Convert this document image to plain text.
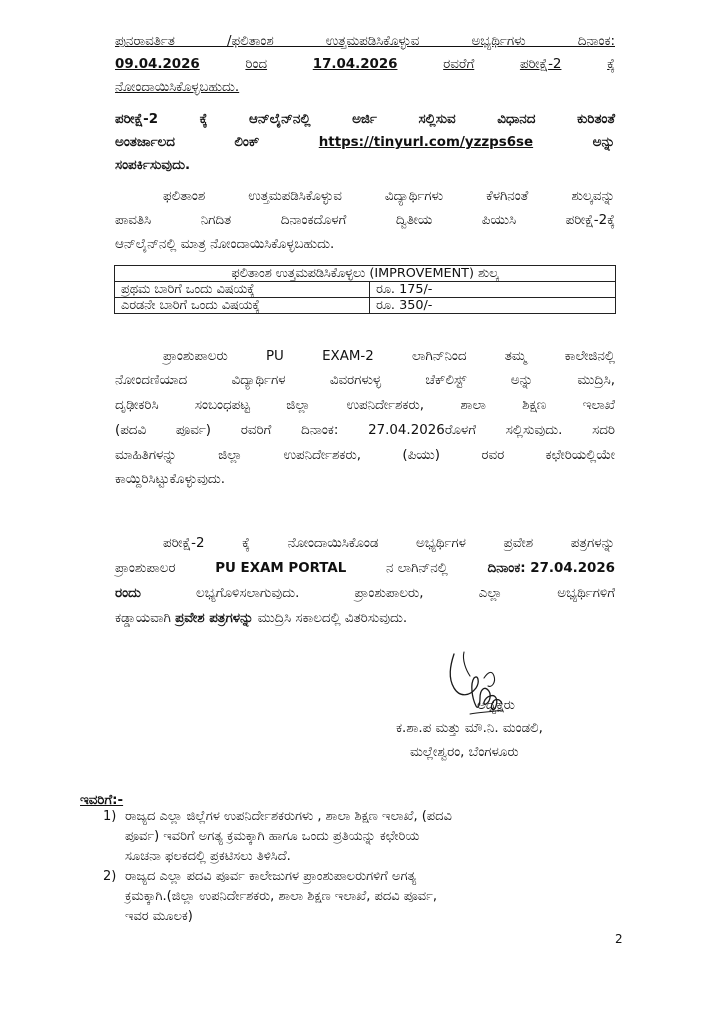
ಪುನರಾವರ್ತಿತ /ಫಲಿತಾಂಶ ಉತ್ತಮಪಡಿಸಿಕೊಳ್ಳುವ ಅಭ್ಯರ್ಥಿಗಳು ದಿನಾಂಕ:

09.04.2026	ರಿಂದ	17.04.2026	ರವರೆಗೆ	ಪರೀಕ್ಷೆ-2	ಕ್ಕೆ

ನೋಂದಾಯಿಸಿಕೊಳ್ಳಬಹುದು.

ಪರೀಕ್ಷೆ-2 ಕ್ಕೆ ಆನ್‌ಲೈನ್‌ನಲ್ಲಿ ಅರ್ಜಿ ಸಲ್ಲಿಸುವ ವಿಧಾನದ ಕುರಿತಂತೆ

ಅಂತರ್ಜಾಲದ	ಲಿಂಕ್	https://tinyurl.com/yzzps6se	ಅನ್ನು

ಸಂಪರ್ಕಿಸುವುದು.

ಫಲಿತಾಂಶ ಉತ್ತಮಪಡಿಸಿಕೊಳ್ಳುವ ವಿದ್ಯಾರ್ಥಿಗಳು ಕೆಳಗಿನಂತೆ ಶುಲ್ಕವನ್ನು

ಪಾವತಿಸಿ ನಿಗದಿತ ದಿನಾಂಕದೊಳಗೆ ದ್ವಿತೀಯ ಪಿಯುಸಿ ಪರೀಕ್ಷೆ-2ಕ್ಕೆ

ಆನ್‌ಲೈನ್‌ನಲ್ಲಿ ಮಾತ್ರ ನೋಂದಾಯಿಸಿಕೊಳ್ಳಬಹುದು.

ಫಲಿತಾಂಶ ಉತ್ತಮಪಡಿಸಿಕೊಳ್ಳಲು (IMPROVEMENT) ಶುಲ್ಕ	
ಪ್ರಥಮ ಬಾರಿಗೆ ಒಂದು ವಿಷಯಕ್ಕೆ	ರೂ. 175/-
ಎರಡನೇ ಬಾರಿಗೆ ಒಂದು ವಿಷಯಕ್ಕೆ	ರೂ. 350/-

ಪ್ರಾಂಶುಪಾಲರು PU EXAM-2 ಲಾಗಿನ್‌ನಿಂದ ತಮ್ಮ ಕಾಲೇಜಿನಲ್ಲಿ

ನೋಂದಣಿಯಾದ ವಿದ್ಯಾರ್ಥಿಗಳ ವಿವರಗಳುಳ್ಳ ಚೆಕ್‌ಲಿಸ್ಟ್ ಅನ್ನು ಮುದ್ರಿಸಿ,

ದೃಢೀಕರಿಸಿ ಸಂಬಂಧಪಟ್ಟ ಜಿಲ್ಲಾ ಉಪನಿರ್ದೇಶಕರು, ಶಾಲಾ ಶಿಕ್ಷಣ ಇಲಾಖೆ

(ಪದವಿ ಪೂರ್ವ) ರವರಿಗೆ ದಿನಾಂಕ: 27.04.2026ರೊಳಗೆ ಸಲ್ಲಿಸುವುದು. ಸದರಿ

ಮಾಹಿತಿಗಳನ್ನು ಜಿಲ್ಲಾ ಉಪನಿರ್ದೇಶಕರು, (ಪಿಯು) ರವರ ಕಛೇರಿಯಲ್ಲಿಯೇ

ಕಾಯ್ದಿರಿಸಿಟ್ಟುಕೊಳ್ಳುವುದು.

ಪರೀಕ್ಷೆ-2 ಕ್ಕೆ ನೋಂದಾಯಿಸಿಕೊಂಡ ಅಭ್ಯರ್ಥಿಗಳ ಪ್ರವೇಶ ಪತ್ರಗಳನ್ನು

ಪ್ರಾಂಶುಪಾಲರ	PU EXAM PORTAL	ನ ಲಾಗಿನ್‌ನಲ್ಲಿ	ದಿನಾಂಕ: 27.04.2026

ರಂದು	ಲಭ್ಯಗೊಳಿಸಲಾಗುವುದು. ಪ್ರಾಂಶುಪಾಲರು, ಎಲ್ಲಾ ಅಭ್ಯರ್ಥಿಗಳಿಗೆ

ಕಡ್ಡಾಯವಾಗಿ ಪ್ರವೇಶ ಪತ್ರಗಳನ್ನು ಮುದ್ರಿಸಿ ಸಕಾಲದಲ್ಲಿ ವಿತರಿಸುವುದು.

ಅಧ್ಯಕ್ಷರು
ಕ.ಶಾ.ಪ ಮತ್ತು ಮೌ.ನಿ. ಮಂಡಲಿ,
ಮಲ್ಲೇಶ್ವರಂ, ಬೆಂಗಳೂರು
ಇವರಿಗೆ:-
1) ರಾಜ್ಯದ ಎಲ್ಲಾ ಜಿಲ್ಲೆಗಳ ಉಪನಿರ್ದೇಶಕರುಗಳು , ಶಾಲಾ ಶಿಕ್ಷಣ ಇಲಾಖೆ, (ಪದವಿ
ಪೂರ್ವ) ಇವರಿಗೆ ಅಗತ್ಯ ಕ್ರಮಕ್ಕಾಗಿ ಹಾಗೂ ಒಂದು ಪ್ರತಿಯನ್ನು ಕಛೇರಿಯ
ಸೂಚನಾ ಫಲಕದಲ್ಲಿ ಪ್ರಕಟಿಸಲು ತಿಳಿಸಿದೆ.
2) ರಾಜ್ಯದ ಎಲ್ಲಾ ಪದವಿ ಪೂರ್ವ ಕಾಲೇಜುಗಳ ಪ್ರಾಂಶುಪಾಲರುಗಳಿಗೆ ಅಗತ್ಯ
ಕ್ರಮಕ್ಕಾಗಿ.(ಜಿಲ್ಲಾ ಉಪನಿರ್ದೇಶಕರು, ಶಾಲಾ ಶಿಕ್ಷಣ ಇಲಾಖೆ, ಪದವಿ ಪೂರ್ವ,
ಇವರ ಮೂಲಕ)
2
